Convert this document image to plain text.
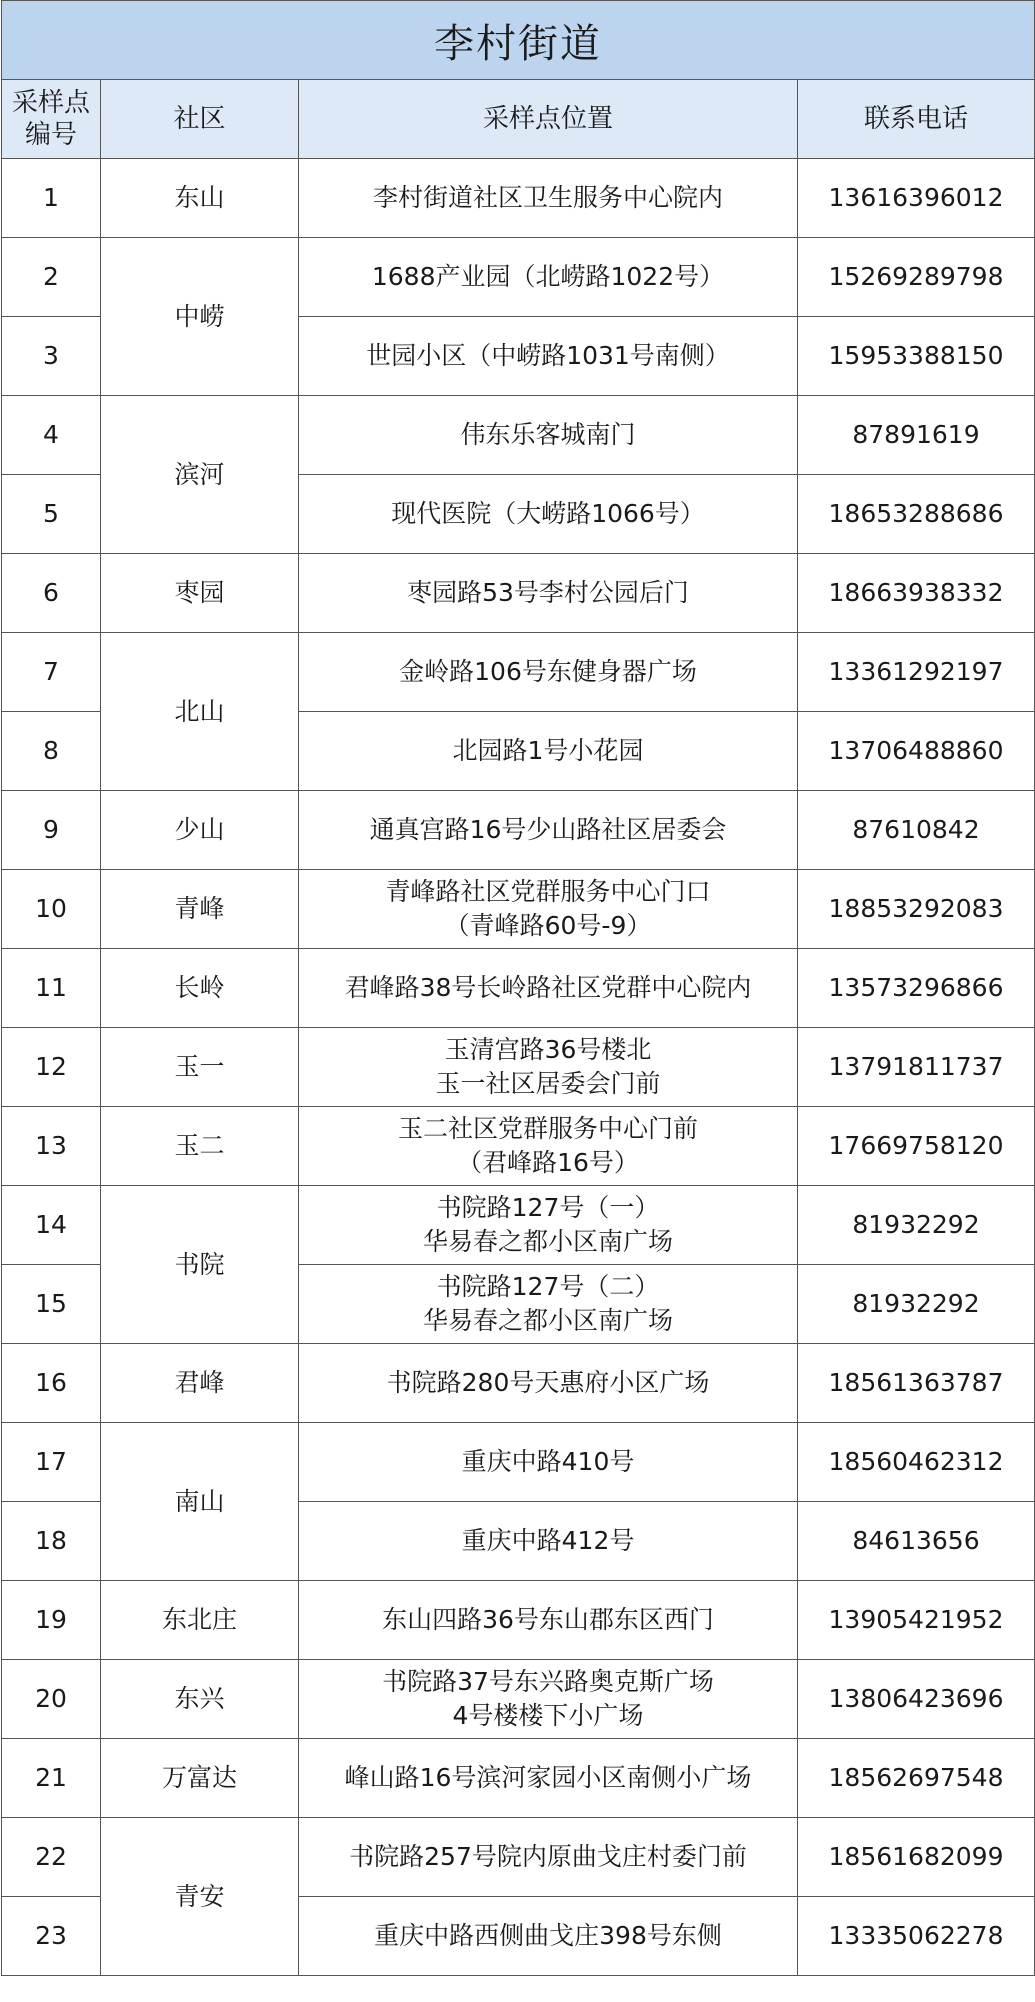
李村街道			
采样点
编号	社区	采样点位置	联系电话
1	东山	李村街道社区卫生服务中心院内	13616396012
2	中崂	1688产业园（北崂路1022号）	15269289798
3		世园小区（中崂路1031号南侧）	15953388150
4	滨河	伟东乐客城南门	87891619
5		现代医院（大崂路1066号）	18653288686
6	枣园	枣园路53号李村公园后门	18663938332
7	北山	金岭路106号东健身器广场	13361292197
8		北园路1号小花园	13706488860
9	少山	通真宫路16号少山路社区居委会	87610842
10	青峰	青峰路社区党群服务中心门口
（青峰路60号-9）	18853292083
11	长岭	君峰路38号长岭路社区党群中心院内	13573296866
12	玉一	玉清宫路36号楼北
玉一社区居委会门前	13791811737
13	玉二	玉二社区党群服务中心门前
（君峰路16号）	17669758120
14	书院	书院路127号（一）
华易春之都小区南广场	81932292
15		书院路127号（二）
华易春之都小区南广场	81932292
16	君峰	书院路280号天惠府小区广场	18561363787
17	南山	重庆中路410号	18560462312
18		重庆中路412号	84613656
19	东北庄	东山四路36号东山郡东区西门	13905421952
20	东兴	书院路37号东兴路奥克斯广场
4号楼楼下小广场	13806423696
21	万富达	峰山路16号滨河家园小区南侧小广场	18562697548
22	青安	书院路257号院内原曲戈庄村委门前	18561682099
23		重庆中路西侧曲戈庄398号东侧	13335062278
